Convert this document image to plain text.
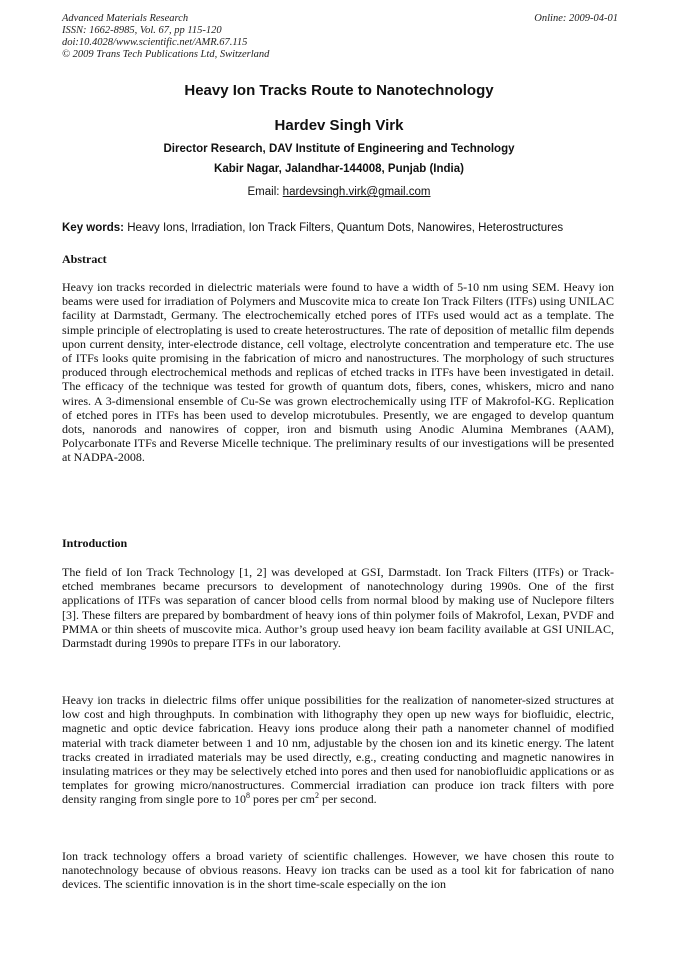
Advanced Materials Research
ISSN: 1662-8985, Vol. 67, pp 115-120
doi:10.4028/www.scientific.net/AMR.67.115
© 2009 Trans Tech Publications Ltd, Switzerland
Online: 2009-04-01
Heavy Ion Tracks Route to Nanotechnology
Hardev Singh Virk
Director Research, DAV Institute of Engineering and Technology
Kabir Nagar, Jalandhar-144008, Punjab (India)
Email: hardevsingh.virk@gmail.com
Key words: Heavy Ions, Irradiation, Ion Track Filters, Quantum Dots, Nanowires, Heterostructures
Abstract

Heavy ion tracks recorded in dielectric materials were found to have a width of 5-10 nm using SEM. Heavy ion beams were used for irradiation of Polymers and Muscovite mica to create Ion Track Filters (ITFs) using UNILAC facility at Darmstadt, Germany. The electrochemically etched pores of ITFs used would act as a template. The simple principle of electroplating is used to create heterostructures. The rate of deposition of metallic film depends upon current density, inter-electrode distance, cell voltage, electrolyte concentration and temperature etc. The use of ITFs looks quite promising in the fabrication of micro and nanostructures. The morphology of such structures produced through electrochemical methods and replicas of etched tracks in ITFs have been investigated in detail. The efficacy of the technique was tested for growth of quantum dots, fibers, cones, whiskers, micro and nano wires. A 3-dimensional ensemble of Cu-Se was grown electrochemically using ITF of Makrofol-KG. Replication of etched pores in ITFs has been used to develop microtubules. Presently, we are engaged to develop quantum dots, nanorods and nanowires of copper, iron and bismuth using Anodic Alumina Membranes (AAM), Polycarbonate ITFs and Reverse Micelle technique. The preliminary results of our investigations will be presented at NADPA-2008.

Introduction

The field of Ion Track Technology [1, 2] was developed at GSI, Darmstadt. Ion Track Filters (ITFs) or Track-etched membranes became precursors to development of nanotechnology during 1990s. One of the first applications of ITFs was separation of cancer blood cells from normal blood by making use of Nuclepore filters [3]. These filters are prepared by bombardment of heavy ions of thin polymer foils of Makrofol, Lexan, PVDF and PMMA or thin sheets of muscovite mica. Author’s group used heavy ion beam facility available at GSI UNILAC, Darmstadt during 1990s to prepare ITFs in our laboratory.

Heavy ion tracks in dielectric films offer unique possibilities for the realization of nanometer-sized structures at low cost and high throughputs. In combination with lithography they open up new ways for biofluidic, electric, magnetic and optic device fabrication. Heavy ions produce along their path a nanometer channel of modified material with track diameter between 1 and 10 nm, adjustable by the chosen ion and its kinetic energy. The latent tracks created in irradiated materials may be used directly, e.g., creating conducting and magnetic nanowires in insulating matrices or they may be selectively etched into pores and then used for nanobiofluidic applications or as templates for growing micro/nanostructures. Commercial irradiation can produce ion track filters with pore density ranging from single pore to $10^8$ pores per $cm^2$ per second.

Ion track technology offers a broad variety of scientific challenges. However, we have chosen this route to nanotechnology because of obvious reasons. Heavy ion tracks can be used as a tool kit for fabrication of nano devices. The scientific innovation is in the short time-scale especially on the ion
